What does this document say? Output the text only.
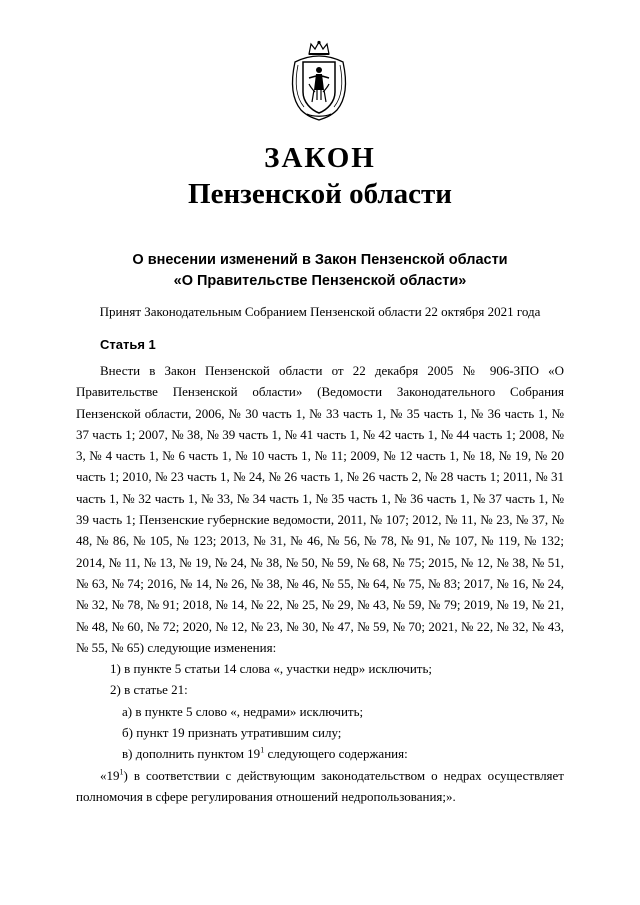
ЗАКОН
Пензенской области
О внесении изменений в Закон Пензенской области
«О Правительстве Пензенской области»
Принят Законодательным Собранием Пензенской области 22 октября 2021 года
Статья 1

Внести в Закон Пензенской области от 22 декабря 2005 № 906-ЗПО «О Правительстве Пензенской области» (Ведомости Законодательного Собрания Пензенской области, 2006, № 30 часть 1, № 33 часть 1, № 35 часть 1, № 36 часть 1, № 37 часть 1; 2007, № 38, № 39 часть 1, № 41 часть 1, № 42 часть 1, № 44 часть 1; 2008, № 3, № 4 часть 1, № 6 часть 1, № 10 часть 1, № 11; 2009, № 12 часть 1, № 18, № 19, № 20 часть 1; 2010, № 23 часть 1, № 24, № 26 часть 1, № 26 часть 2, № 28 часть 1; 2011, № 31 часть 1, № 32 часть 1, № 33, № 34 часть 1, № 35 часть 1, № 36 часть 1, № 37 часть 1, № 39 часть 1; Пензенские губернские ведомости, 2011, № 107; 2012, № 11, № 23, № 37, № 48, № 86, № 105, № 123; 2013, № 31, № 46, № 56, № 78, № 91, № 107, № 119, № 132; 2014, № 11, № 13, № 19, № 24, № 38, № 50, № 59, № 68, № 75; 2015, № 12, № 38, № 51, № 63, № 74; 2016, № 14, № 26, № 38, № 46, № 55, № 64, № 75, № 83; 2017, № 16, № 24, № 32, № 78, № 91; 2018, № 14, № 22, № 25, № 29, № 43, № 59, № 79; 2019, № 19, № 21, № 48, № 60, № 72; 2020, № 12, № 23, № 30, № 47, № 59, № 70; 2021, № 22, № 32, № 43, № 55, № 65) следующие изменения:

1) в пункте 5 статьи 14 слова «, участки недр» исключить;

2) в статье 21:

а) в пункте 5 слово «, недрами» исключить;

б) пункт 19 признать утратившим силу;

в) дополнить пунктом $19^1$ следующего содержания:

«$19^1$) в соответствии с действующим законодательством о недрах осуществляет полномочия в сфере регулирования отношений недропользования;».
